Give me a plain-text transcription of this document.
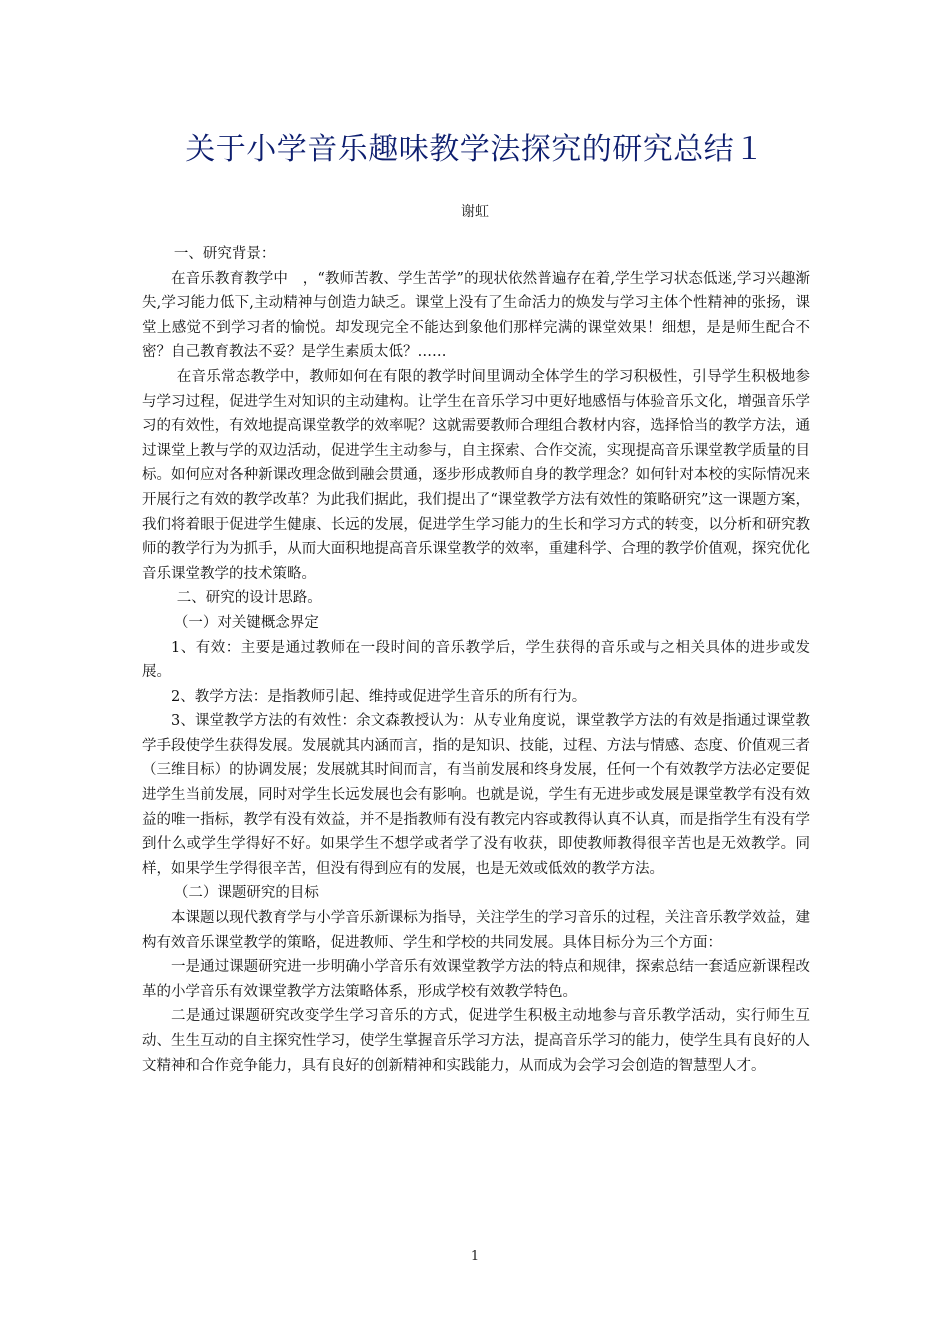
关于小学音乐趣味教学法探究的研究总结１
谢虹

一、研究背景：

在音乐教育教学中　，“教师苦教、学生苦学”的现状依然普遍存在着,学生学习状态低迷,学习兴趣渐失,学习能力低下,主动精神与创造力缺乏。课堂上没有了生命活力的焕发与学习主体个性精神的张扬，课堂上感觉不到学习者的愉悦。却发现完全不能达到象他们那样完满的课堂效果！细想，是是师生配合不密？自己教育教法不妥？是学生素质太低？……

在音乐常态教学中，教师如何在有限的教学时间里调动全体学生的学习积极性，引导学生积极地参与学习过程，促进学生对知识的主动建构。让学生在音乐学习中更好地感悟与体验音乐文化，增强音乐学习的有效性，有效地提高课堂教学的效率呢？这就需要教师合理组合教材内容，选择恰当的教学方法，通过课堂上教与学的双边活动，促进学生主动参与，自主探索、合作交流，实现提高音乐课堂教学质量的目标。如何应对各种新课改理念做到融会贯通，逐步形成教师自身的教学理念？如何针对本校的实际情况来开展行之有效的教学改革？为此我们据此，我们提出了“课堂教学方法有效性的策略研究”这一课题方案，我们将着眼于促进学生健康、长远的发展，促进学生学习能力的生长和学习方式的转变，以分析和研究教师的教学行为为抓手，从而大面积地提高音乐课堂教学的效率，重建科学、合理的教学价值观，探究优化音乐课堂教学的技术策略。

二、研究的设计思路。

（一）对关键概念界定

1、有效：主要是通过教师在一段时间的音乐教学后，学生获得的音乐或与之相关具体的进步或发展。

2、教学方法：是指教师引起、维持或促进学生音乐的所有行为。

3、课堂教学方法的有效性：余文森教授认为：从专业角度说，课堂教学方法的有效是指通过课堂教学手段使学生获得发展。发展就其内涵而言，指的是知识、技能，过程、方法与情感、态度、价值观三者（三维目标）的协调发展；发展就其时间而言，有当前发展和终身发展，任何一个有效教学方法必定要促进学生当前发展，同时对学生长远发展也会有影响。也就是说，学生有无进步或发展是课堂教学有没有效益的唯一指标，教学有没有效益，并不是指教师有没有教完内容或教得认真不认真，而是指学生有没有学到什么或学生学得好不好。如果学生不想学或者学了没有收获，即使教师教得很辛苦也是无效教学。同样，如果学生学得很辛苦，但没有得到应有的发展，也是无效或低效的教学方法。

（二）课题研究的目标

本课题以现代教育学与小学音乐新课标为指导，关注学生的学习音乐的过程，关注音乐教学效益，建构有效音乐课堂教学的策略，促进教师、学生和学校的共同发展。具体目标分为三个方面：

一是通过课题研究进一步明确小学音乐有效课堂教学方法的特点和规律，探索总结一套适应新课程改革的小学音乐有效课堂教学方法策略体系，形成学校有效教学特色。

二是通过课题研究改变学生学习音乐的方式，促进学生积极主动地参与音乐教学活动，实行师生互动、生生互动的自主探究性学习，使学生掌握音乐学习方法，提高音乐学习的能力，使学生具有良好的人文精神和合作竞争能力，具有良好的创新精神和实践能力，从而成为会学习会创造的智慧型人才。

1
